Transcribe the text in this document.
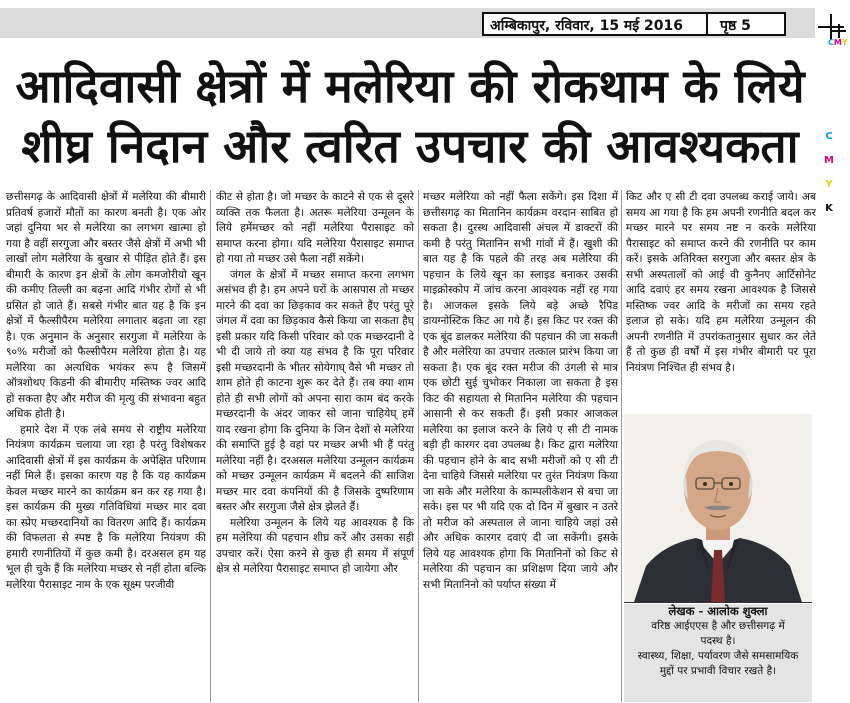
अम्बिकापुर, रविवार, 15 मई 2016	पृष्ठ 5
CMY
C
M
Y
K
आदिवासी क्षेत्रों में मलेरिया की रोकथाम के लिये
शीघ्र निदान और त्वरित उपचार की आवश्यकता

छत्तीसगढ़ के आदिवासी क्षेत्रों में मलेरिया की बीमारी प्रतिवर्ष हजारों मौतों का कारण बनती है। एक ओर जहां दुनिया भर से मलेरिया का लगभग खात्मा हो गया है वहीं सरगुजा और बस्तर जैसे क्षेत्रों में अभी भी लाखों लोग मलेरिया के बुखार से पीड़ित होते हैं। इस बीमारी के कारण इन क्षेत्रों के लोग कमजोरीयो खून की कमीए तिल्ली का बढ़ना आदि गंभीर रोगों से भी ग्रसित हो जाते हैं। सबसे गंभीर बात यह है कि इन क्षेत्रों में फैल्सीपैरम मलेरिया लगातार बढ़ता जा रहा है। एक अनुमान के अनुसार सरगुजा में मलेरिया के ९०% मरीजों को फैल्सीपैरम मलेरिया होता है। यह मलेरिया का अत्यधिक भयंकर रूप है जिसमें ऑत्रशोथए किडनी की बीमारीए मस्तिष्क ज्वर आदि हो सकता हैए और मरीज की मृत्यु की संभावना बहुत अधिक होती है।

हमारे देश में एक लंबे समय से राष्ट्रीय मलेरिया नियंत्रण कार्यक्रम चलाया जा रहा है परंतु विशेषकर आदिवासी क्षेत्रों में इस कार्यक्रम के अपेक्षित परिणाम नहीं मिले हैं। इसका कारण यह है कि यह कार्यक्रम केवल मच्छर मारने का कार्यक्रम बन कर रह गया है। इस कार्यक्रम की मुख्य गतिविधियां मच्छर मार दवा का स्प्रेए मच्छरदानियों का वितरण आदि हैं। कार्यक्रम की विफलता से स्पष्ट है कि मलेरिया नियंत्रण की हमारी रणनीतियों में कुछ कमी है। दरअसल हम यह भूल ही चुके हैं कि मलेरिया मच्छर से नहीं होता बल्कि मलेरिया पैरासाइट नाम के एक सूक्ष्म परजीवी

कीट से होता है। जो मच्छर के काटने से एक से दूसरे व्यक्ति तक फैलता है। अतरू मलेरिया उन्मूलन के लिये हमेंमच्छर को नहीं मलेरिया पैरासाइट को समाप्त करना होगा। यदि मलेरिया पैरासाइट समाप्त हो गया तो मच्छर उसे फैला नहीं सकेंगे।

जंगल के क्षेत्रों में मच्छर समाप्त करना लगभग असंभव ही है। हम अपने घरों के आसपास तो मच्छर मारने की दवा का छिड़काव कर सकते हैंए परंतु पूरे जंगल में दवा का छिड़काव कैसे किया जा सकता हैघ् इसी प्रकार यदि किसी परिवार को एक मच्छरदानी दे भी दी जाये तो क्या यह संभव है कि पूरा परिवार इसी मच्छरदानी के भीतर सोयेगाघ् वैसे भी मच्छर तो शाम होते ही काटना शुरू कर देते हैं। तब क्या शाम होते ही सभी लोगों को अपना सारा काम बंद करके मच्छरदानी के अंदर जाकर सो जाना चाहियेघ् हमें याद रखना होगा कि दुनिया के जिन देशों से मलेरिया की समाप्ति हुई है वहां पर मच्छर अभी भी हैं परंतु मलेरिया नहीं है। दरअसल मलेरिया उन्मूलन कार्यक्रम को मच्छर उन्मूलन कार्यक्रम में बदलने की साजिश मच्छर मार दवा कंपनियों की है जिसके दुष्परिणाम बस्तर और सरगुजा जैसे क्षेत्र झेलते हैं।

मलेरिया उन्मूलन के लिये यह आवश्यक है कि हम मलेरिया की पहचान शीघ्र करें और उसका सही उपचार करें। ऐसा करने से कुछ ही समय में संपूर्ण क्षेत्र से मलेरिया पैरासाइट समाप्त हो जायेगा और

मच्छर मलेरिया को नहीं फैला सकेंगे। इस दिशा में छत्तीसगढ़ का मितानिन कार्यक्रम वरदान साबित हो सकता है। दुरस्थ आदिवासी अंचल में डाक्टरों की कमी है परंतु मितानिन सभी गांवों में हैं। खुशी की बात यह है कि पहले की तरह अब मलेरिया की पहचान के लिये खून का स्लाइड बनाकर उसकी माइक्रोस्कोप में जांच करना आवश्यक नहीं रह गया है। आजकल इसके लिये बड़े अच्छे रैपिड डायग्नोस्टिक किट आ गये हैं। इस किट पर रक्त की एक बूंद डालकर मलेरिया की पहचान की जा सकती है और मलेरिया का उपचार तत्काल प्रारंभ किया जा सकता है। एक बूंद रक्त मरीज की उंगली से मात्र एक छोटी सुई चुभोकर निकाला जा सकता है इस किट की सहायता से मितानिन मलेरिया की पहचान आसानी से कर सकती हैं। इसी प्रकार आजकल मलेरिया का इलाज करने के लिये ए सी टी नामक बड़ी ही कारगर दवा उपलब्ध है। किट द्वारा मलेरिया की पहचान होने के बाद सभी मरीजों को ए सी टी देना चाहिये जिससे मलेरिया पर तुरंत नियंत्रण किया जा सके और मलेरिया के काम्पलीकेशन से बचा जा सके। इस पर भी यदि एक दो दिन में बुखार न उतरे तो मरीज को अस्पताल ले जाना चाहिये जहां उसे और अधिक कारगर दवाएं दी जा सकेंगी। इसके लिये यह आवश्यक होगा कि मितानिनों को किट से मलेरिया की पहचान का प्रशिक्षण दिया जाये और सभी मितानिनो को पर्याप्त संख्या में

किट और ए सी टी दवा उपलब्ध कराई जाये। अब समय आ गया है कि हम अपनी रणनीति बदल कर मच्छर मारने पर समय नष्ट न करके मलेरिया पैरासाइट को समाप्त करने की रणनीति पर काम करें। इसके अतिरिक्त सरगुजा और बस्तर क्षेत्र के सभी अस्पतालों को आई वी कुनैनए आर्टिसोनेट आदि दवाएं हर समय रखना आवश्यक है जिससे मस्तिष्क ज्वर आदि के मरीजों का समय रहते इलाज हो सके। यदि हम मलेरिया उन्मूलन की अपनी रणनीति में उपरांकतानुसार सुधार कर लेते हैं तो कुछ ही वर्षों में इस गंभीर बीमारी पर पूरा नियंत्रण निश्चित ही संभव है।

लेखक - आलोक शुक्ला
वरिष्ठ आईएएस है और छत्तीसगढ़ में
पदस्थ है।
स्वास्थ्य, शिक्षा, पर्यावरण जैसे समसामयिक
मुद्दों पर प्रभावी विचार रखते है।
